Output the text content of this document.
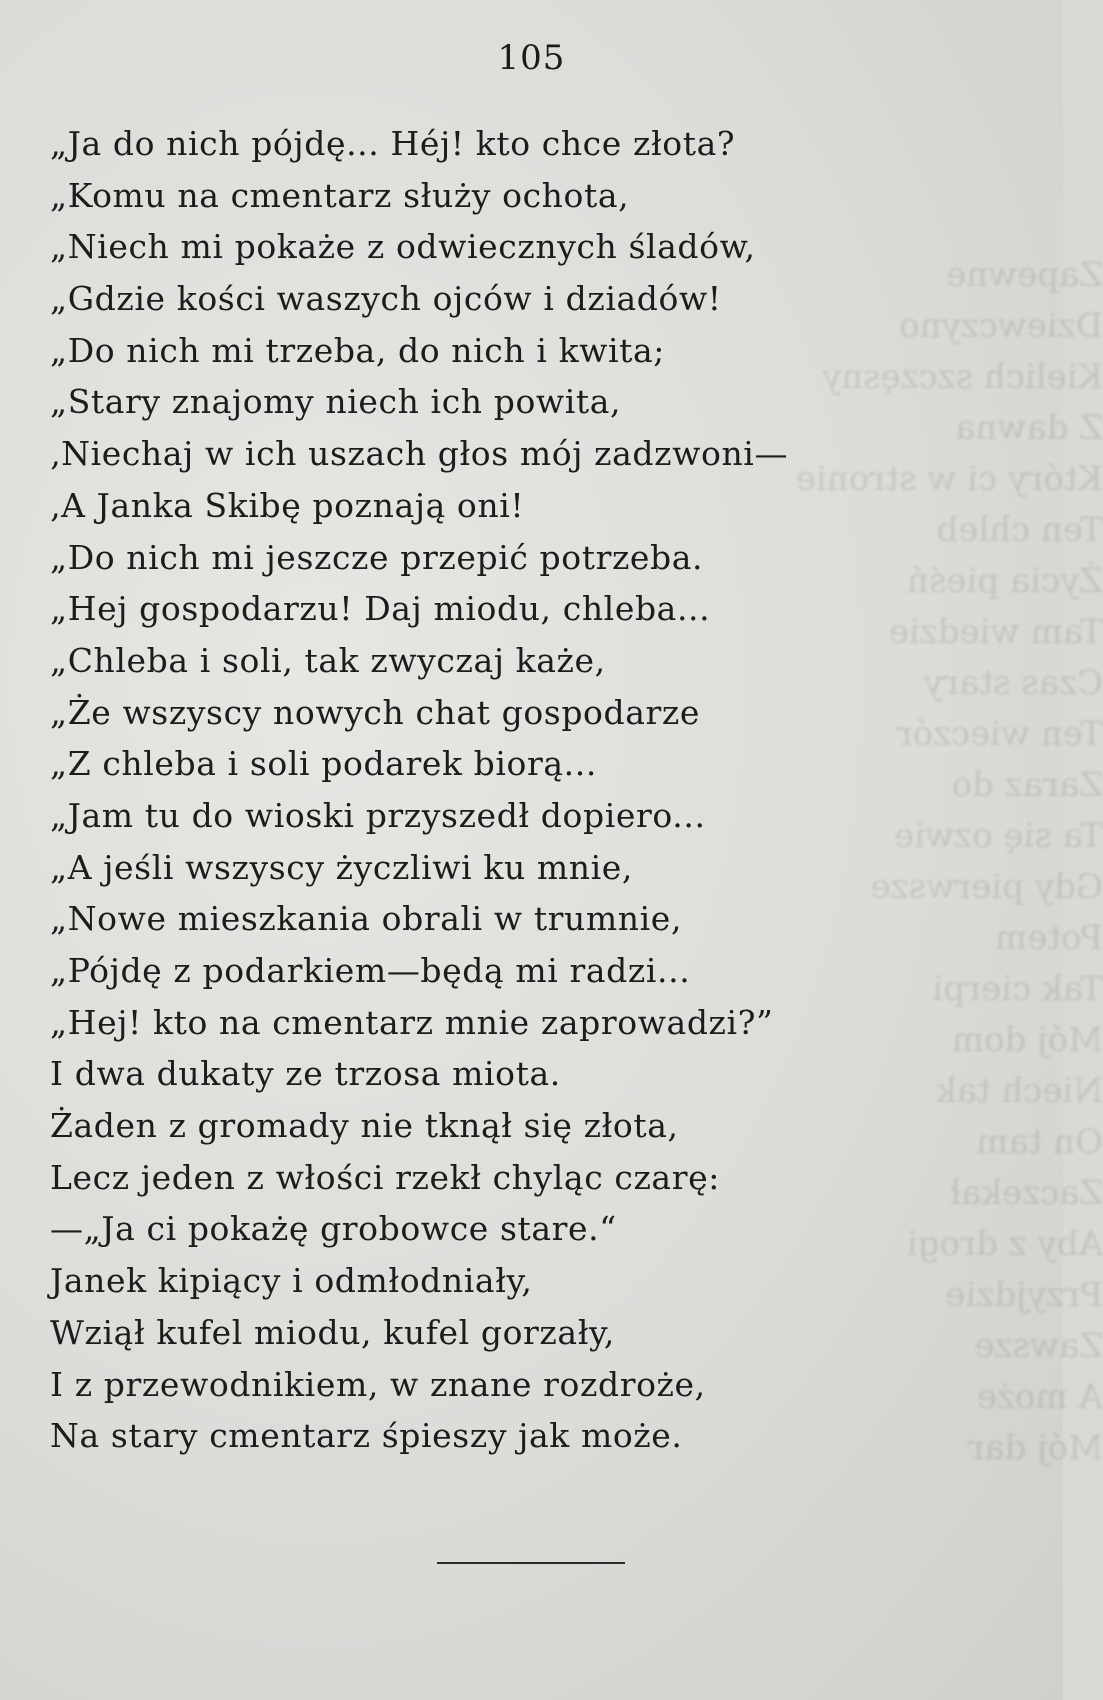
Zapewne
Dziewczyno
Kielich szczęsny
Z dawna
Który ci w stronie
Ten chleb
Życia pieśń
Tam wiedzie
Czas stary
Ten wieczór
Zaraz do
Ta się ozwie
Gdy pierwsze
Potem
Tak cierpi
Mój dom
Niech tak
On tam
Zaczekał
Aby z drogi
Przyjdzie
Zawsze
A może
Mój dar
105
„Ja do nich pójdę... Héj! kto chce złota?
„Komu na cmentarz służy ochota,
„Niech mi pokaże z odwiecznych śladów,
„Gdzie kości waszych ojców i dziadów!
„Do nich mi trzeba, do nich i kwita;
„Stary znajomy niech ich powita,
‚Niechaj w ich uszach głos mój zadzwoni—
‚A Janka Skibę poznają oni!
„Do nich mi jeszcze przepić potrzeba.
„Hej gospodarzu! Daj miodu, chleba...
„Chleba i soli, tak zwyczaj każe,
„Że wszyscy nowych chat gospodarze
„Z chleba i soli podarek biorą...
„Jam tu do wioski przyszedł dopiero...
„A jeśli wszyscy życzliwi ku mnie,
„Nowe mieszkania obrali w trumnie,
„Pójdę z podarkiem—będą mi radzi...
„Hej! kto na cmentarz mnie zaprowadzi?”
I dwa dukaty ze trzosa miota.
Żaden z gromady nie tknął się złota,
Lecz jeden z włości rzekł chyląc czarę:
—„Ja ci pokażę grobowce stare.“
Janek kipiący i odmłodniały,
Wziął kufel miodu, kufel gorzały,
I z przewodnikiem, w znane rozdroże,
Na stary cmentarz śpieszy jak może.
